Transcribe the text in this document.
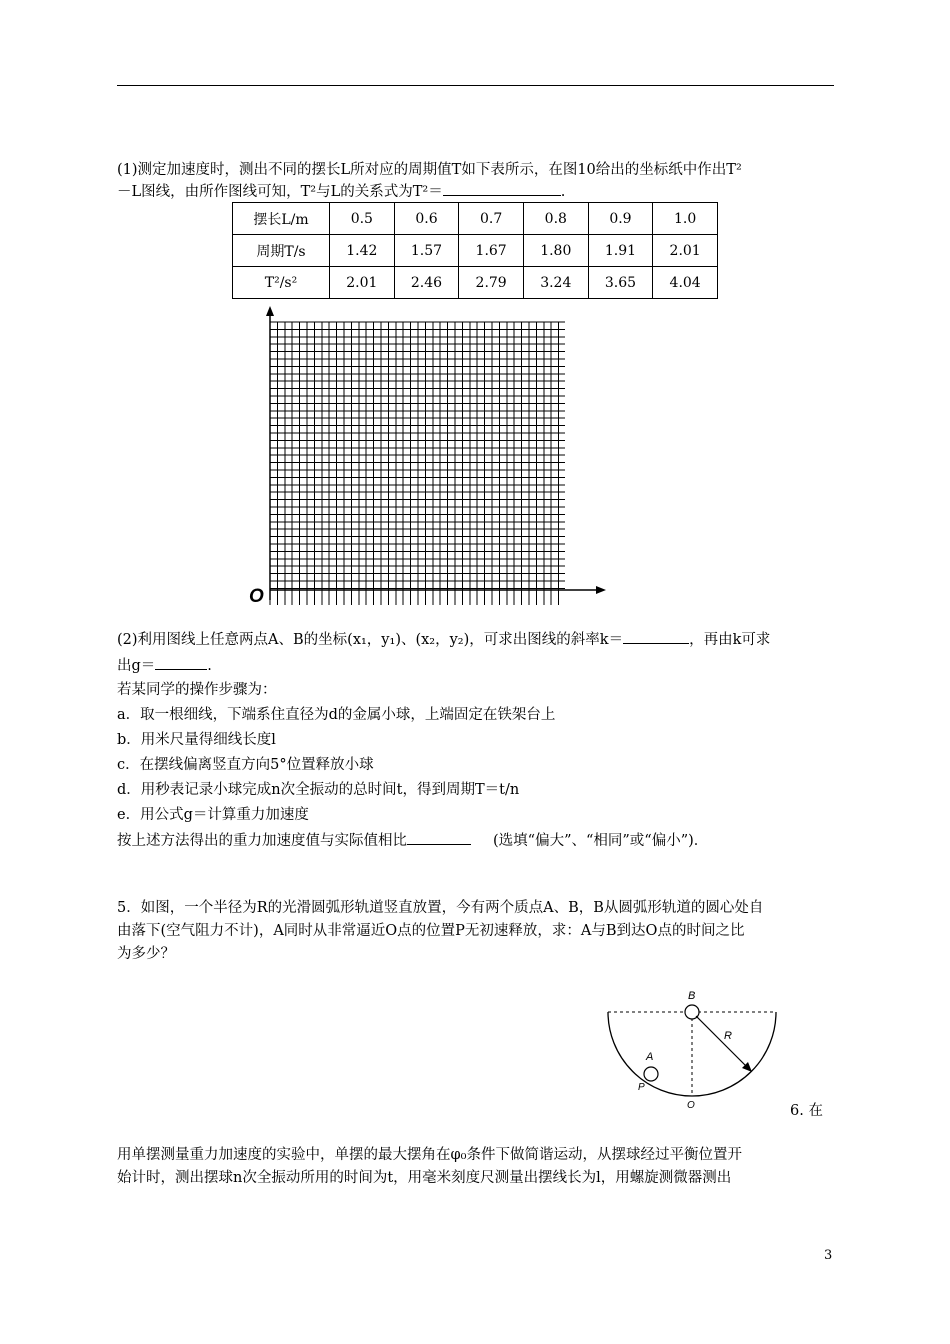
(1)测定加速度时，测出不同的摆长L所对应的周期值T如下表所示，在图10给出的坐标纸中作出T²
－L图线，由所作图线可知，T²与L的关系式为T²＝	.
摆长L/m	0.5	0.6	0.7	0.8	0.9	1.0
周期T/s	1.42	1.57	1.67	1.80	1.91	2.01
T²/s²	2.01	2.46	2.79	3.24	3.65	4.04
O
(2)利用图线上任意两点A、B的坐标(x₁，y₁)、(x₂，y₂)，可求出图线的斜率k＝	，再由k可求
出g＝	.
若某同学的操作步骤为：
a．取一根细线，下端系住直径为d的金属小球，上端固定在铁架台上
b．用米尺量得细线长度l
c．在摆线偏离竖直方向5°位置释放小球
d．用秒表记录小球完成n次全振动的总时间t，得到周期T＝t/n
e．用公式g＝计算重力加速度
按上述方法得出的重力加速度值与实际值相比	(选填“偏大”、“相同”或“偏小”)．
5．如图，一个半径为R的光滑圆弧形轨道竖直放置，今有两个质点A、B，B从圆弧形轨道的圆心处自
由落下(空气阻力不计)，A同时从非常逼近O点的位置P无初速释放，求：A与B到达O点的时间之比
为多少？
B
R
A
P
O	6. 在
用单摆测量重力加速度的实验中，单摆的最大摆角在φ₀条件下做简谐运动，从摆球经过平衡位置开
始计时，测出摆球n次全振动所用的时间为t，用毫米刻度尺测量出摆线长为l，用螺旋测微器测出
3
